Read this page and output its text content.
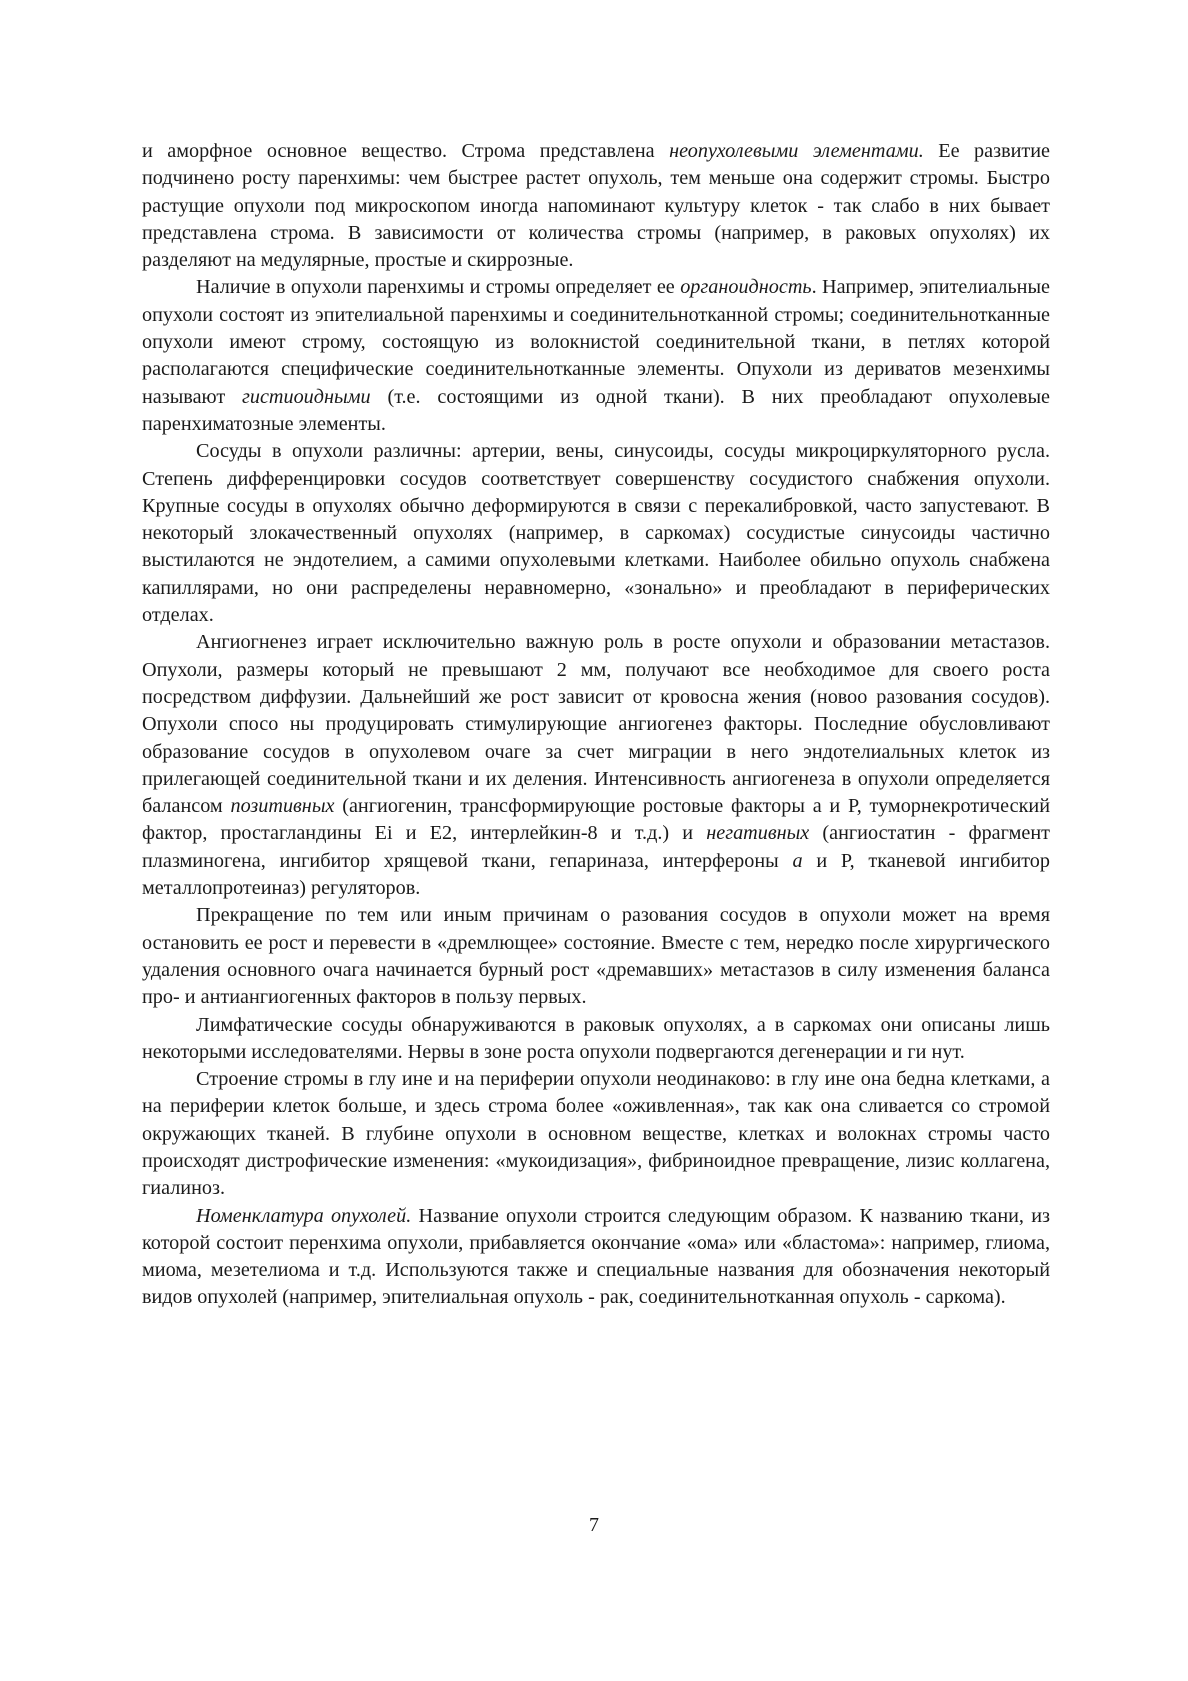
и аморфное основное вещество. Строма представлена неопухолевыми элементами. Ее развитие подчинено росту паренхимы: чем быстрее растет опухоль, тем меньше она содержит стромы. Быстро растущие опухоли под микроскопом иногда напоминают культуру клеток - так слабо в них бывает представлена строма. В зависимости от количества стромы (например, в раковых опухолях) их разделяют на медулярные, простые и скиррозные.

Наличие в опухоли паренхимы и стромы определяет ее органоидность. Например, эпителиальные опухоли состоят из эпителиальной паренхимы и соединительнотканной стромы; соединительнотканные опухоли имеют строму, состоящую из волокнистой соединительной ткани, в петлях которой располагаются специфические соединительнотканные элементы. Опухоли из дериватов мезенхимы называют гистиоидными (т.е. состоящими из одной ткани). В них преобладают опухолевые паренхиматозные элементы.

Сосуды в опухоли различны: артерии, вены, синусоиды, сосуды микроциркуляторного русла. Степень дифференцировки сосудов соответствует совершенству сосудистого снабжения опухоли. Крупные сосуды в опухолях обычно деформируются в связи с перекалибровкой, часто запустевают. В некоторый злокачественный опухолях (например, в саркомах) сосудистые синусоиды частично выстилаются не эндотелием, а самими опухолевыми клетками. Наиболее обильно опухоль снабжена капиллярами, но они распределены неравномерно, «зонально» и преобладают в периферических отделах.

Ангиогненез играет исключительно важную роль в росте опухоли и образовании метастазов. Опухоли, размеры который не превышают 2 мм, получают все необходимое для своего роста посредством диффузии. Дальнейший же рост зависит от кровосна жения (новоо разования сосудов). Опухоли спосо ны продуцировать стимулирующие ангиогенез факторы. Последние обусловливают образование сосудов в опухолевом очаге за счет миграции в него эндотелиальных клеток из прилегающей соединительной ткани и их деления. Интенсивность ангиогенеза в опухоли определяется балансом позитивных (ангиогенин, трансформирующие ростовые факторы а и Р, туморнекротический фактор, простагландины Ei и Е2, интерлейкин-8 и т.д.) и негативных (ангиостатин - фрагмент плазминогена, ингибитор хрящевой ткани, гепариназа, интерфероны а и Р, тканевой ингибитор металлопротеиназ) регуляторов.

Прекращение по тем или иным причинам о разования сосудов в опухоли может на время остановить ее рост и перевести в «дремлющее» состояние. Вместе с тем, нередко после хирургического удаления основного очага начинается бурный рост «дремавших» метастазов в силу изменения баланса про- и антиангиогенных факторов в пользу первых.

Лимфатические сосуды обнаруживаются в раковык опухолях, а в саркомах они описаны лишь некоторыми исследователями. Нервы в зоне роста опухоли подвергаются дегенерации и ги нут.

Строение стромы в глу ине и на периферии опухоли неодинаково: в глу ине она бедна клетками, а на периферии клеток больше, и здесь строма более «оживленная», так как она сливается со стромой окружающих тканей. В глубине опухоли в основном веществе, клетках и волокнах стромы часто происходят дистрофические изменения: «мукоидизация», фибриноидное превращение, лизис коллагена, гиалиноз.

Номенклатура опухолей. Название опухоли строится следующим образом. К названию ткани, из которой состоит перенхима опухоли, прибавляется окончание «ома» или «бластома»: например, глиома, миома, мезетелиома и т.д. Используются также и специальные названия для обозначения некоторый видов опухолей (например, эпителиальная опухоль - рак, соединительнотканная опухоль - саркома).

7
